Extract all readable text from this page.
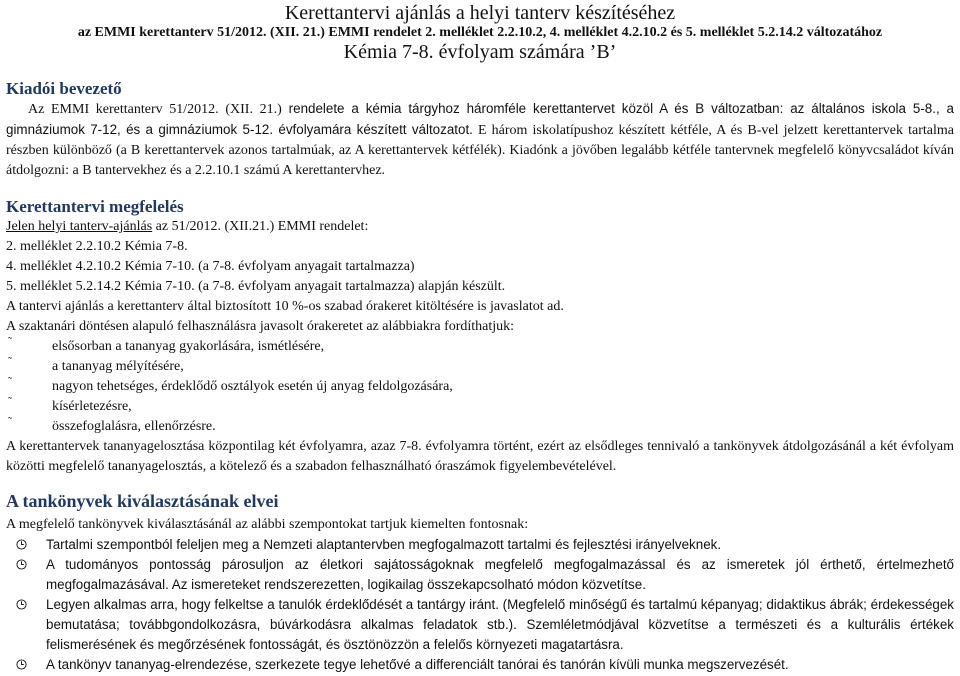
Kerettantervi ajánlás a helyi tanterv készítéséhez
az EMMI kerettanterv 51/2012. (XII. 21.) EMMI rendelet 2. melléklet 2.2.10.2, 4. melléklet 4.2.10.2 és 5. melléklet 5.2.14.2 változatához
Kémia 7-8. évfolyam számára ’B’
Kiadói bevezető
Az EMMI kerettanterv 51/2012. (XII. 21.) rendelete a kémia tárgyhoz háromféle kerettantervet közöl A és B változatban: az általános iskola 5-8., a gimnáziumok 7-12, és a gimnáziumok 5-12. évfolyamára készített változatot. E három iskolatípushoz készített kétféle, A és B-vel jelzett kerettantervek tartalma részben különböző (a B kerettantervek azonos tartalmúak, az A kerettantervek kétfélék). Kiadónk a jövőben legalább kétféle tantervnek megfelelő könyvcsaládot kíván átdolgozni: a B tantervekhez és a 2.2.10.1 számú A kerettantervhez.
Kerettantervi megfelelés
Jelen helyi tanterv-ajánlás az 51/2012. (XII.21.) EMMI rendelet:
2. melléklet 2.2.10.2 Kémia 7-8.
4. melléklet 4.2.10.2 Kémia 7-10. (a 7-8. évfolyam anyagait tartalmazza)
5. melléklet 5.2.14.2 Kémia 7-10. (a 7-8. évfolyam anyagait tartalmazza) alapján készült.
A tantervi ajánlás a kerettanterv által biztosított 10 %-os szabad órakeret kitöltésére is javaslatot ad.
A szaktanári döntésen alapuló felhasználásra javasolt órakeretet az alábbiakra fordíthatjuk:
˜	elsősorban a tananyag gyakorlására, ismétlésére,
˜	a tananyag mélyítésére,
˜	nagyon tehetséges, érdeklődő osztályok esetén új anyag feldolgozására,
˜	kísérletezésre,
˜	összefoglalásra, ellenőrzésre.
A kerettantervek tananyagelosztása központilag két évfolyamra, azaz 7-8. évfolyamra történt, ezért az elsődleges tennivaló a tankönyvek átdolgozásánál a két évfolyam közötti megfelelő tananyagelosztás, a kötelező és a szabadon felhasználható óraszámok figyelembevételével.
A tankönyvek kiválasztásának elvei
A megfelelő tankönyvek kiválasztásánál az alábbi szempontokat tartjuk kiemelten fontosnak:
Tartalmi szempontból feleljen meg a Nemzeti alaptantervben megfogalmazott tartalmi és fejlesztési irányelveknek.
A tudományos pontosság párosuljon az életkori sajátosságoknak megfelelő megfogalmazással és az ismeretek jól érthető, értelmezhető megfogalmazásával. Az ismereteket rendszerezetten, logikailag összekapcsolható módon közvetítse.
Legyen alkalmas arra, hogy felkeltse a tanulók érdeklődését a tantárgy iránt. (Megfelelő minőségű és tartalmú képanyag; didaktikus ábrák; érdekességek bemutatása; továbbgondolkozásra, búvárkodásra alkalmas feladatok stb.). Szemléletmódjával közvetítse a természeti és a kulturális értékek felismerésének és megőrzésének fontosságát, és ösztönözzön a felelős környezeti magatartásra.
A tankönyv tananyag-elrendezése, szerkezete tegye lehetővé a differenciált tanórai és tanórán kívüli munka megszervezését.
